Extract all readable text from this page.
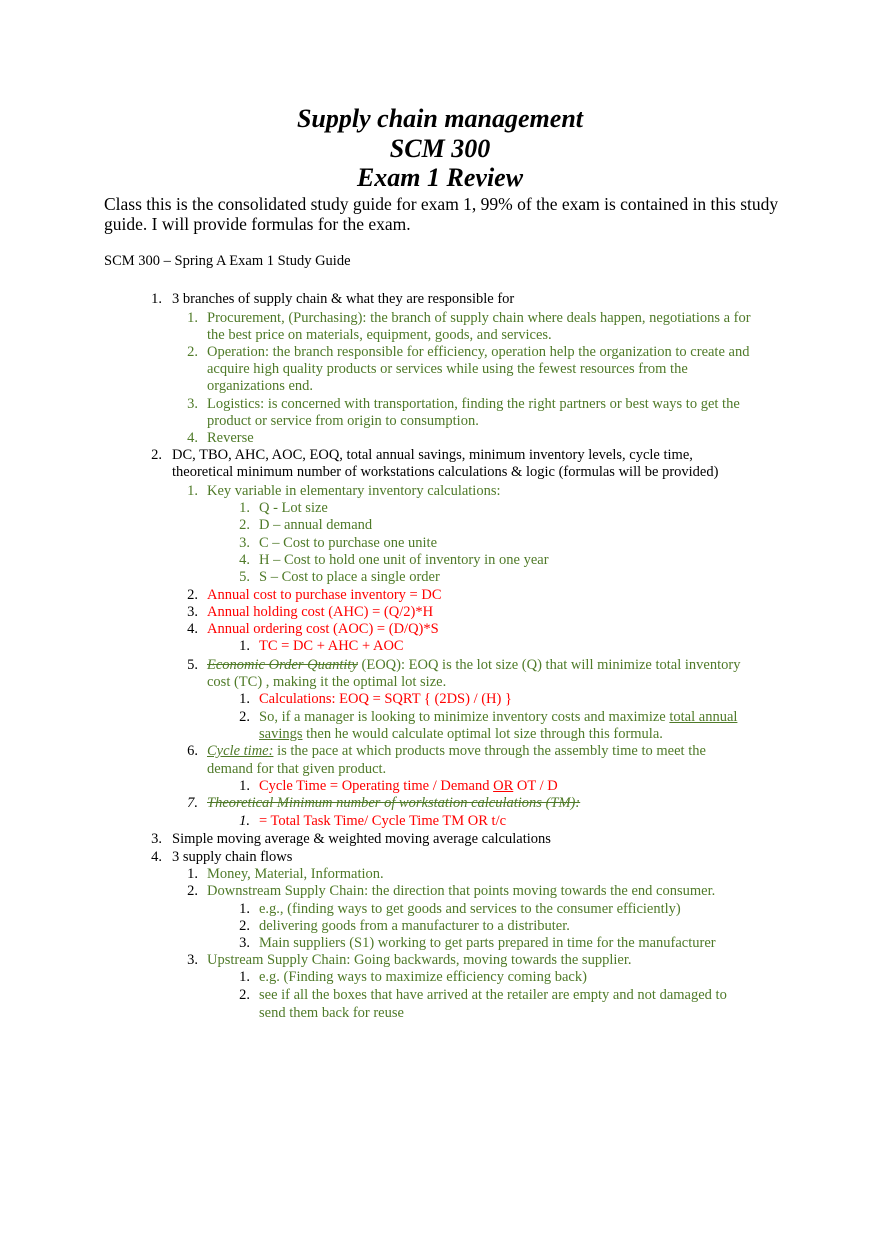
Supply chain management
SCM 300
Exam 1 Review
Class this is the consolidated study guide for exam 1, 99% of the exam is contained in this study
guide. I will provide formulas for the exam.
SCM 300 – Spring A Exam 1 Study Guide
1. 3 branches of supply chain & what they are responsible for
1. Procurement, (Purchasing): the branch of supply chain where deals happen, negotiations a for
the best price on materials, equipment, goods, and services.
2. Operation: the branch responsible for efficiency, operation help the organization to create and
acquire high quality products or services while using the fewest resources from the
organizations end.
3. Logistics: is concerned with transportation, finding the right partners or best ways to get the
product or service from origin to consumption.
4. Reverse
2. DC, TBO, AHC, AOC, EOQ, total annual savings, minimum inventory levels, cycle time,
theoretical minimum number of workstations calculations & logic (formulas will be provided)
1. Key variable in elementary inventory calculations:
1. Q - Lot size
2. D – annual demand
3. C – Cost to purchase one unite
4. H – Cost to hold one unit of inventory in one year
5. S – Cost to place a single order
2. Annual cost to purchase inventory = DC
3. Annual holding cost (AHC) = (Q/2)*H
4. Annual ordering cost (AOC) = (D/Q)*S
1. TC = DC + AHC + AOC
5. Economic Order Quantity (EOQ): EOQ is the lot size (Q) that will minimize total inventory
cost (TC) , making it the optimal lot size.
1. Calculations: EOQ = SQRT { (2DS) / (H) }
2. So, if a manager is looking to minimize inventory costs and maximize total annual
savings then he would calculate optimal lot size through this formula.
6. Cycle time: is the pace at which products move through the assembly time to meet the
demand for that given product.
1. Cycle Time = Operating time / Demand OR OT / D
7. Theoretical Minimum number of workstation calculations (TM):
1. = Total Task Time/ Cycle Time TM OR t/c
3. Simple moving average & weighted moving average calculations
4. 3 supply chain flows
1. Money, Material, Information.
2. Downstream Supply Chain: the direction that points moving towards the end consumer.
1. e.g., (finding ways to get goods and services to the consumer efficiently)
2. delivering goods from a manufacturer to a distributer.
3. Main suppliers (S1) working to get parts prepared in time for the manufacturer
3. Upstream Supply Chain: Going backwards, moving towards the supplier.
1. e.g. (Finding ways to maximize efficiency coming back)
2. see if all the boxes that have arrived at the retailer are empty and not damaged to
send them back for reuse
